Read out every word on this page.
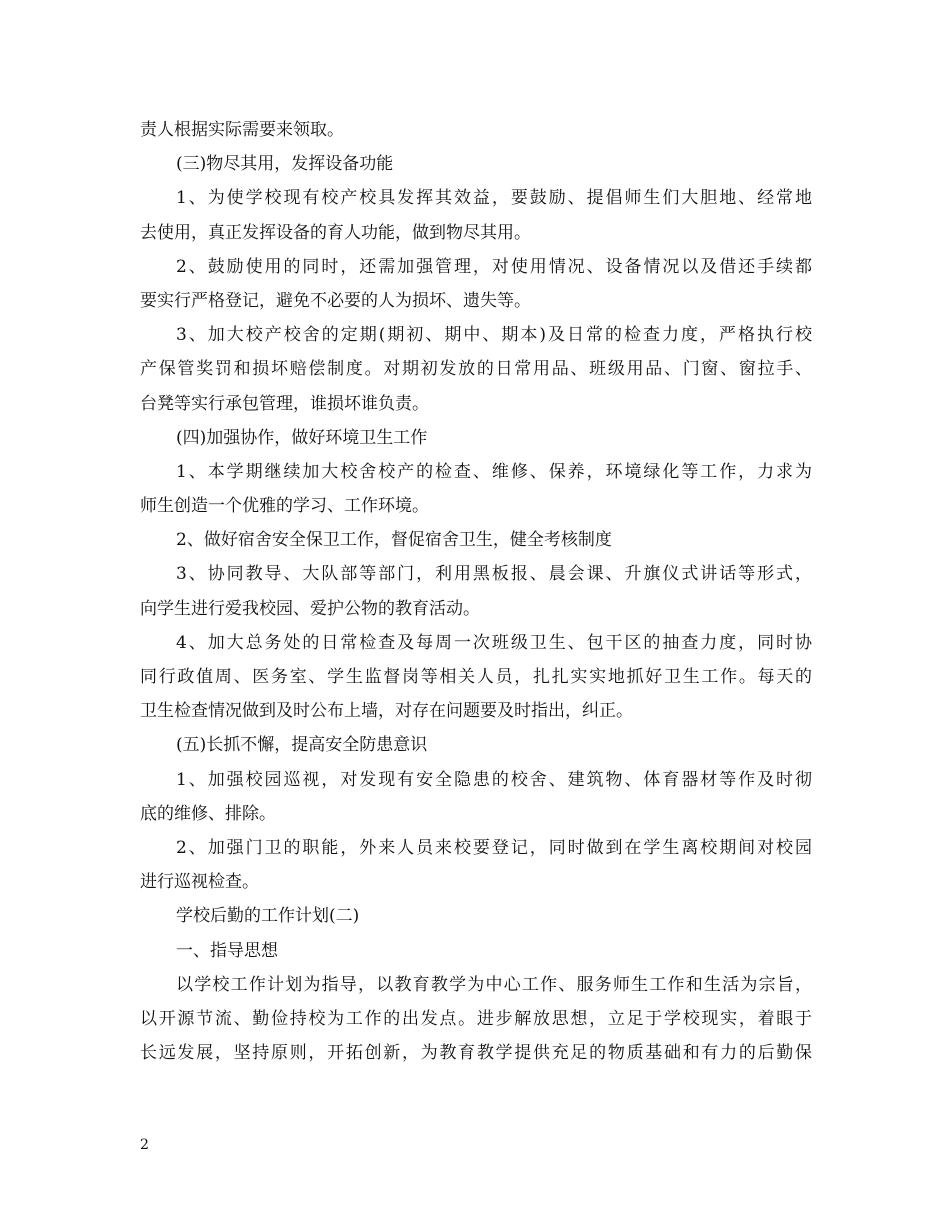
责人根据实际需要来领取。
(三)物尽其用，发挥设备功能
1、为使学校现有校产校具发挥其效益，要鼓励、提倡师生们大胆地、经常地
去使用，真正发挥设备的育人功能，做到物尽其用。
2、鼓励使用的同时，还需加强管理，对使用情况、设备情况以及借还手续都
要实行严格登记，避免不必要的人为损坏、遗失等。
3、加大校产校舍的定期(期初、期中、期本)及日常的检查力度，严格执行校
产保管奖罚和损坏赔偿制度。对期初发放的日常用品、班级用品、门窗、窗拉手、
台凳等实行承包管理，谁损坏谁负责。
(四)加强协作，做好环境卫生工作
1、本学期继续加大校舍校产的检查、维修、保养，环境绿化等工作，力求为
师生创造一个优雅的学习、工作环境。
2、做好宿舍安全保卫工作，督促宿舍卫生，健全考核制度
3、协同教导、大队部等部门，利用黑板报、晨会课、升旗仪式讲话等形式，
向学生进行爱我校园、爱护公物的教育活动。
4、加大总务处的日常检查及每周一次班级卫生、包干区的抽查力度，同时协
同行政值周、医务室、学生监督岗等相关人员，扎扎实实地抓好卫生工作。每天的
卫生检查情况做到及时公布上墙，对存在问题要及时指出，纠正。
(五)长抓不懈，提高安全防患意识
1、加强校园巡视，对发现有安全隐患的校舍、建筑物、体育器材等作及时彻
底的维修、排除。
2、加强门卫的职能，外来人员来校要登记，同时做到在学生离校期间对校园
进行巡视检查。
学校后勤的工作计划(二)
一、指导思想
以学校工作计划为指导，以教育教学为中心工作、服务师生工作和生活为宗旨，
以开源节流、勤俭持校为工作的出发点。进步解放思想，立足于学校现实，着眼于
长远发展，坚持原则，开拓创新，为教育教学提供充足的物质基础和有力的后勤保
2
